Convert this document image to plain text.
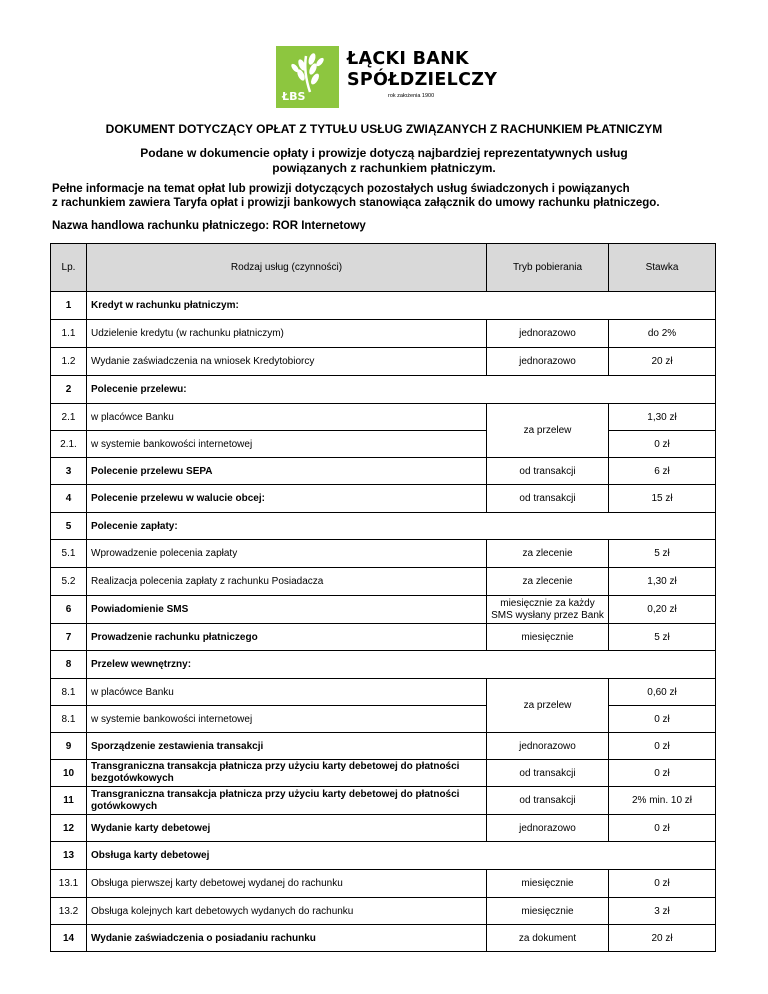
ŁBS
ŁĄCKI BANK
SPÓŁDZIELCZY
rok założenia 1900
DOKUMENT DOTYCZĄCY OPŁAT Z TYTUŁU USŁUG ZWIĄZANYCH Z RACHUNKIEM PŁATNICZYM
Podane w dokumencie opłaty i prowizje dotyczą najbardziej reprezentatywnych usług powiązanych z rachunkiem płatniczym.
Pełne informacje na temat opłat lub prowizji dotyczących pozostałych usług świadczonych i powiązanych
z rachunkiem zawiera Taryfa opłat i prowizji bankowych stanowiąca załącznik do umowy rachunku płatniczego.
Nazwa handlowa rachunku płatniczego: ROR Internetowy
Lp.	Rodzaj usług (czynności)	Tryb pobierania	Stawka
1	Kredyt w rachunku płatniczym:		
1.1	Udzielenie kredytu (w rachunku płatniczym)	jednorazowo	do 2%
1.2	Wydanie zaświadczenia na wniosek Kredytobiorcy	jednorazowo	20 zł
2	Polecenie przelewu:		
2.1	w placówce Banku	za przelew	1,30 zł
2.1.	w systemie bankowości internetowej		0 zł
3	Polecenie przelewu SEPA	od transakcji	6 zł
4	Polecenie przelewu w walucie obcej:	od transakcji	15 zł
5	Polecenie zapłaty:		
5.1	Wprowadzenie polecenia zapłaty	za zlecenie	5 zł
5.2	Realizacja polecenia zapłaty z rachunku Posiadacza	za zlecenie	1,30 zł
6	Powiadomienie SMS	miesięcznie za każdy SMS wysłany przez Bank	0,20 zł
7	Prowadzenie rachunku płatniczego	miesięcznie	5 zł
8	Przelew wewnętrzny:		
8.1	w placówce Banku	za przelew	0,60 zł
8.1	w systemie bankowości internetowej		0 zł
9	Sporządzenie zestawienia transakcji	jednorazowo	0 zł
10	Transgraniczna transakcja płatnicza przy użyciu karty debetowej do płatności bezgotówkowych	od transakcji	0 zł
11	Transgraniczna transakcja płatnicza przy użyciu karty debetowej do płatności gotówkowych	od transakcji	2% min. 10 zł
12	Wydanie karty debetowej	jednorazowo	0 zł
13	Obsługa karty debetowej		
13.1	Obsługa pierwszej karty debetowej wydanej do rachunku	miesięcznie	0 zł
13.2	Obsługa kolejnych kart debetowych wydanych do rachunku	miesięcznie	3 zł
14	Wydanie zaświadczenia o posiadaniu rachunku	za dokument	20 zł
